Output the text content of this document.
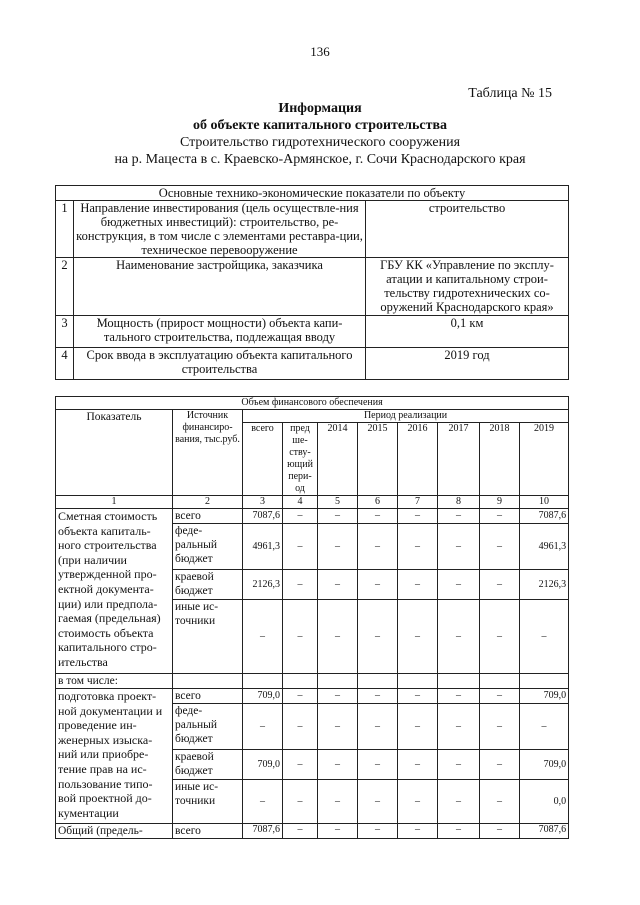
136
Таблица № 15
Информация
об объекте капитального строительства
Строительство гидротехнического сооружения
на р. Мацеста в с. Краевско-Армянское, г. Сочи Краснодарского края
Основные технико-экономические показатели по объекту		
1	Направление инвестирования (цель осуществле-ния бюджетных инвестиций): строительство, ре-конструкция, в том числе с элементами реставра-ции, техническое перевооружение	строительство
2	Наименование застройщика, заказчика	ГБУ КК «Управление по эксплу-атации и капитальному строи-тельству гидротехнических со-оружений Краснодарского края»
3	Мощность (прирост мощности) объекта капи-тального строительства, подлежащая вводу	0,1 км
4	Срок ввода в эксплуатацию объекта капитального строительства	2019 год
Объем финансового обеспечения									
Показатель	Источник финансиро-вания, тыс.руб.	Период реализации							
		всего	пред ше-ству-ющий пери-од	2014	2015	2016	2017	2018	2019
1	2	3	4	5	6	7	8	9	10
Сметная стоимость объекта капиталь-ного строительства (при наличии утвержденной про-ектной документа-ции) или предпола-гаемая (предельная) стоимость объекта капитального стро-ительства	всего	7087,6	–	–	–	–	–	–	7087,6
	феде-ральный бюджет	4961,3	–	–	–	–	–	–	4961,3
	краевой бюджет	2126,3	–	–	–	–	–	–	2126,3
	иные ис-точники	–	–	–	–	–	–	–	–
в том числе:									
подготовка проект-ной документации и проведение ин-женерных изыска-ний или приобре-тение прав на ис-пользование типо-вой проектной до-кументации	всего	709,0	–	–	–	–	–	–	709,0
	феде-ральный бюджет	–	–	–	–	–	–	–	–
	краевой бюджет	709,0	–	–	–	–	–	–	709,0
	иные ис-точники	–	–	–	–	–	–	–	0,0
Общий (предель-	всего	7087,6	–	–	–	–	–	–	7087,6
